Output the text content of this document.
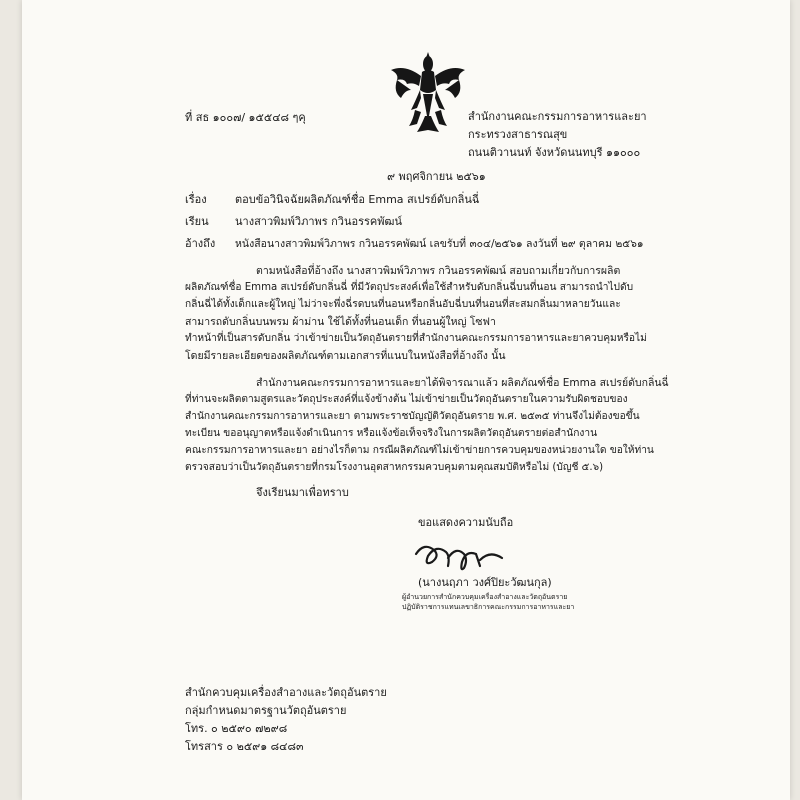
ที่ สธ ๑๐๐๗/ ๑๕๕๔๘ ๆคุ	สำนักงานคณะกรรมการอาหารและยา
กระทรวงสาธารณสุข
ถนนติวานนท์ จังหวัดนนทบุรี ๑๑๐๐๐
๙ พฤศจิกายน ๒๕๖๑
เรื่อง	ตอบข้อวินิจฉัยผลิตภัณฑ์ชื่อ Emma สเปรย์ดับกลิ่นฉี่
เรียน นางสาวพิมพ์วิภาพร กวินอรรคพัฒน์
อ้างถึง หนังสือนางสาวพิมพ์วิภาพร กวินอรรคพัฒน์ เลขรับที่ ๓๐๔/๒๕๖๑ ลงวันที่ ๒๙ ตุลาคม ๒๕๖๑
ตามหนังสือที่อ้างถึง นางสาวพิมพ์วิภาพร กวินอรรคพัฒน์ สอบถามเกี่ยวกับการผลิต
ผลิตภัณฑ์ชื่อ Emma สเปรย์ดับกลิ่นฉี่ ที่มีวัตถุประสงค์เพื่อใช้สำหรับดับกลิ่นฉี่บนที่นอน สามารถนำไปดับ
กลิ่นฉี่ได้ทั้งเด็กและผู้ใหญ่ ไม่ว่าจะพึ่งฉี่รดบนที่นอนหรือกลิ่นอับฉี่บนที่นอนที่สะสมกลิ่นมาหลายวันและ
สามารถดับกลิ่นบนพรม ผ้าม่าน ใช้ได้ทั้งที่นอนเด็ก ที่นอนผู้ใหญ่ โซฟา
ทำหน้าที่เป็นสารดับกลิ่น ว่าเข้าข่ายเป็นวัตถุอันตรายที่สำนักงานคณะกรรมการอาหารและยาควบคุมหรือไม่
โดยมีรายละเอียดของผลิตภัณฑ์ตามเอกสารที่แนบในหนังสือที่อ้างถึง นั้น
สำนักงานคณะกรรมการอาหารและยาได้พิจารณาแล้ว ผลิตภัณฑ์ชื่อ Emma สเปรย์ดับกลิ่นฉี่
ที่ท่านจะผลิตตามสูตรและวัตถุประสงค์ที่แจ้งข้างต้น ไม่เข้าข่ายเป็นวัตถุอันตรายในความรับผิดชอบของ
สำนักงานคณะกรรมการอาหารและยา ตามพระราชบัญญัติวัตถุอันตราย พ.ศ. ๒๕๓๕ ท่านจึงไม่ต้องขอขึ้น
ทะเบียน ขออนุญาตหรือแจ้งดำเนินการ หรือแจ้งข้อเท็จจริงในการผลิตวัตถุอันตรายต่อสำนักงาน
คณะกรรมการอาหารและยา อย่างไรก็ตาม กรณีผลิตภัณฑ์ไม่เข้าข่ายการควบคุมของหน่วยงานใด ขอให้ท่าน
ตรวจสอบว่าเป็นวัตถุอันตรายที่กรมโรงงานอุตสาหกรรมควบคุมตามคุณสมบัติหรือไม่ (บัญชี ๕.๖)
จึงเรียนมาเพื่อทราบ
ขอแสดงความนับถือ
(นางนฤภา วงศ์ปิยะวัฒนกุล)
ผู้อำนวยการสำนักควบคุมเครื่องสำอางและวัตถุอันตราย
ปฏิบัติราชการแทนเลขาธิการคณะกรรมการอาหารและยา
สำนักควบคุมเครื่องสำอางและวัตถุอันตราย
กลุ่มกำหนดมาตรฐานวัตถุอันตราย
โทร. ๐ ๒๕๙๐ ๗๒๙๘
โทรสาร ๐ ๒๕๙๑ ๘๔๘๓
